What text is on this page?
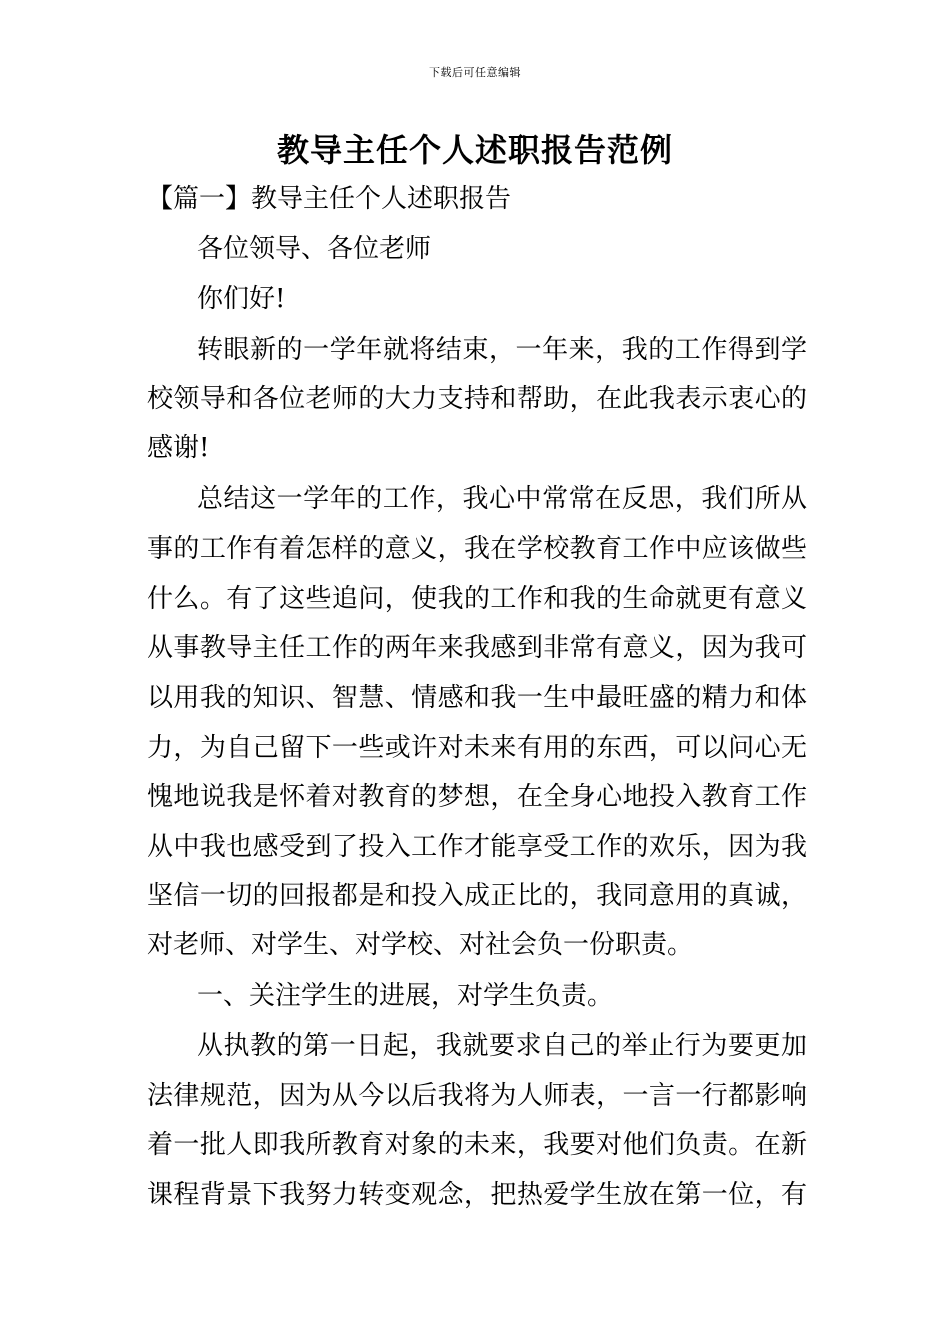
下载后可任意编辑
教导主任个人述职报告范例
【篇一】教导主任个人述职报告
各位领导、各位老师
你们好!
转眼新的一学年就将结束，一年来，我的工作得到学
校领导和各位老师的大力支持和帮助，在此我表示衷心的
感谢!
总结这一学年的工作，我心中常常在反思，我们所从
事的工作有着怎样的意义，我在学校教育工作中应该做些
什么。有了这些追问，使我的工作和我的生命就更有意义
从事教导主任工作的两年来我感到非常有意义，因为我可
以用我的知识、智慧、情感和我一生中最旺盛的精力和体
力，为自己留下一些或许对未来有用的东西，可以问心无
愧地说我是怀着对教育的梦想，在全身心地投入教育工作
从中我也感受到了投入工作才能享受工作的欢乐，因为我
坚信一切的回报都是和投入成正比的，我同意用的真诚，
对老师、对学生、对学校、对社会负一份职责。
一、关注学生的进展，对学生负责。
从执教的第一日起，我就要求自己的举止行为要更加
法律规范，因为从今以后我将为人师表，一言一行都影响
着一批人即我所教育对象的未来，我要对他们负责。在新
课程背景下我努力转变观念，把热爱学生放在第一位，有
